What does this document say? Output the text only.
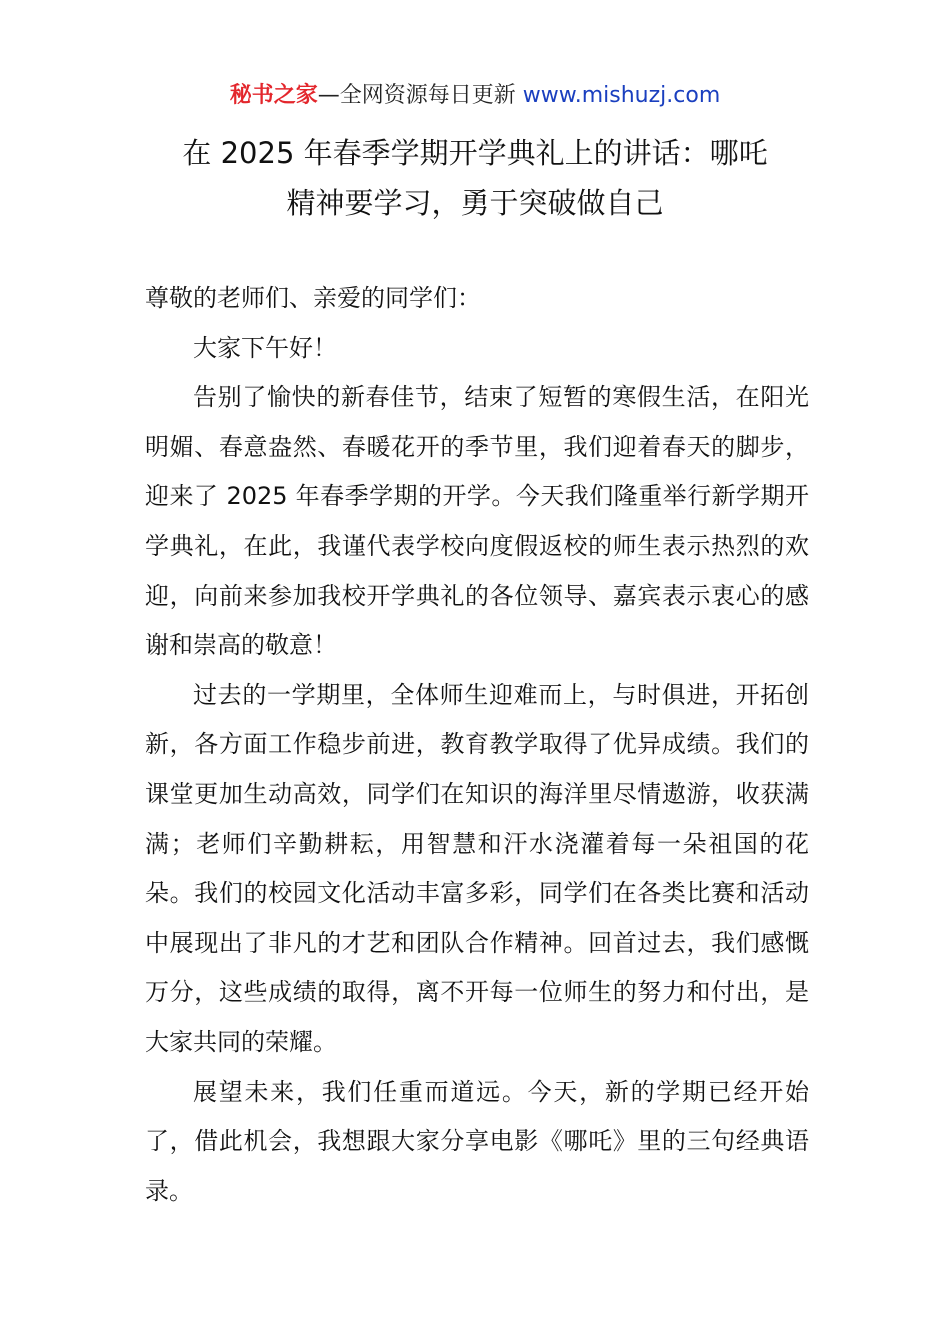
秘书之家—全网资源每日更新 www.mishuzj.com
在 2025 年春季学期开学典礼上的讲话：哪吒
精神要学习，勇于突破做自己

尊敬的老师们、亲爱的同学们：

大家下午好！

告别了愉快的新春佳节，结束了短暂的寒假生活，在阳光明媚、春意盎然、春暖花开的季节里，我们迎着春天的脚步，迎来了 2025 年春季学期的开学。今天我们隆重举行新学期开学典礼，在此，我谨代表学校向度假返校的师生表示热烈的欢迎，向前来参加我校开学典礼的各位领导、嘉宾表示衷心的感谢和崇高的敬意！

过去的一学期里，全体师生迎难而上，与时俱进，开拓创新，各方面工作稳步前进，教育教学取得了优异成绩。我们的课堂更加生动高效，同学们在知识的海洋里尽情遨游，收获满满；老师们辛勤耕耘，用智慧和汗水浇灌着每一朵祖国的花朵。我们的校园文化活动丰富多彩，同学们在各类比赛和活动中展现出了非凡的才艺和团队合作精神。回首过去，我们感慨万分，这些成绩的取得，离不开每一位师生的努力和付出，是大家共同的荣耀。

展望未来，我们任重而道远。今天，新的学期已经开始了，借此机会，我想跟大家分享电影《哪吒》里的三句经典语录。
